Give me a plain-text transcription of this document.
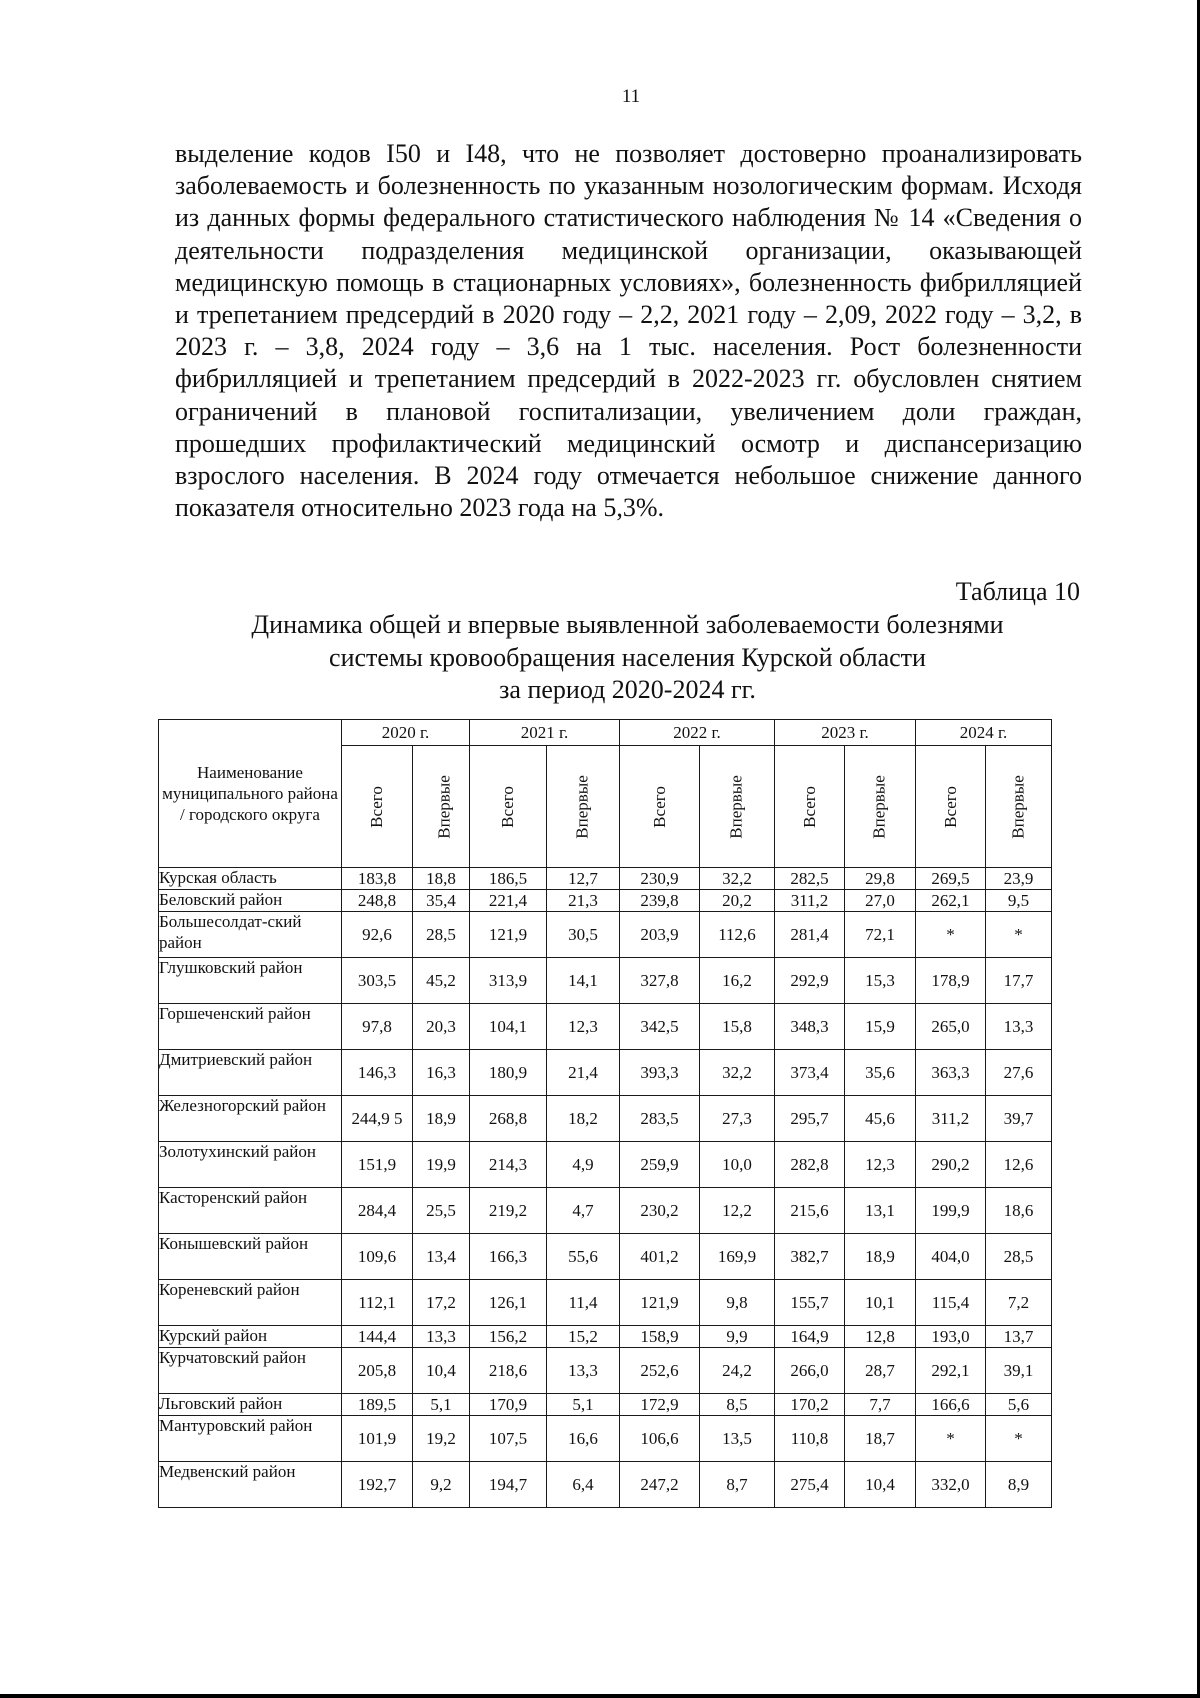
11

выделение кодов I50 и I48, что не позволяет достоверно проанализировать заболеваемость и болезненность по указанным нозологическим формам. Исходя из данных формы федерального статистического наблюдения № 14 «Сведения о деятельности подразделения медицинской организации, оказывающей медицинскую помощь в стационарных условиях», болезненность фибрилляцией и трепетанием предсердий в 2020 году – 2,2, 2021 году – 2,09, 2022 году – 3,2, в 2023 г. – 3,8, 2024 году – 3,6 на 1 тыс. населения. Рост болезненности фибрилляцией и трепетанием предсердий в 2022-2023 гг. обусловлен снятием ограничений в плановой госпитализации, увеличением доли граждан, прошедших профилактический медицинский осмотр и диспансеризацию взрослого населения. В 2024 году отмечается небольшое снижение данного показателя относительно 2023 года на 5,3%.

Таблица 10
Динамика общей и впервые выявленной заболеваемости болезнями
системы кровообращения населения Курской области
за период 2020-2024 гг.
Наименование муниципального района / городского округа	2020 г.		2021 г.		2022 г.		2023 г.		2024 г.	
	Всего	Впервые	Всего	Впервые	Всего	Впервые	Всего	Впервые	Всего	Впервые
Курская область	183,8	18,8	186,5	12,7	230,9	32,2	282,5	29,8	269,5	23,9
Беловский район	248,8	35,4	221,4	21,3	239,8	20,2	311,2	27,0	262,1	9,5
Большесолдат-ский район	92,6	28,5	121,9	30,5	203,9	112,6	281,4	72,1	*	*
Глушковский район	303,5	45,2	313,9	14,1	327,8	16,2	292,9	15,3	178,9	17,7
Горшеченский район	97,8	20,3	104,1	12,3	342,5	15,8	348,3	15,9	265,0	13,3
Дмитриевский район	146,3	16,3	180,9	21,4	393,3	32,2	373,4	35,6	363,3	27,6
Железногорский район	244,9 5	18,9	268,8	18,2	283,5	27,3	295,7	45,6	311,2	39,7
Золотухинский район	151,9	19,9	214,3	4,9	259,9	10,0	282,8	12,3	290,2	12,6
Касторенский район	284,4	25,5	219,2	4,7	230,2	12,2	215,6	13,1	199,9	18,6
Конышевский район	109,6	13,4	166,3	55,6	401,2	169,9	382,7	18,9	404,0	28,5
Кореневский район	112,1	17,2	126,1	11,4	121,9	9,8	155,7	10,1	115,4	7,2
Курский район	144,4	13,3	156,2	15,2	158,9	9,9	164,9	12,8	193,0	13,7
Курчатовский район	205,8	10,4	218,6	13,3	252,6	24,2	266,0	28,7	292,1	39,1
Льговский район	189,5	5,1	170,9	5,1	172,9	8,5	170,2	7,7	166,6	5,6
Мантуровский район	101,9	19,2	107,5	16,6	106,6	13,5	110,8	18,7	*	*
Медвенский район	192,7	9,2	194,7	6,4	247,2	8,7	275,4	10,4	332,0	8,9
